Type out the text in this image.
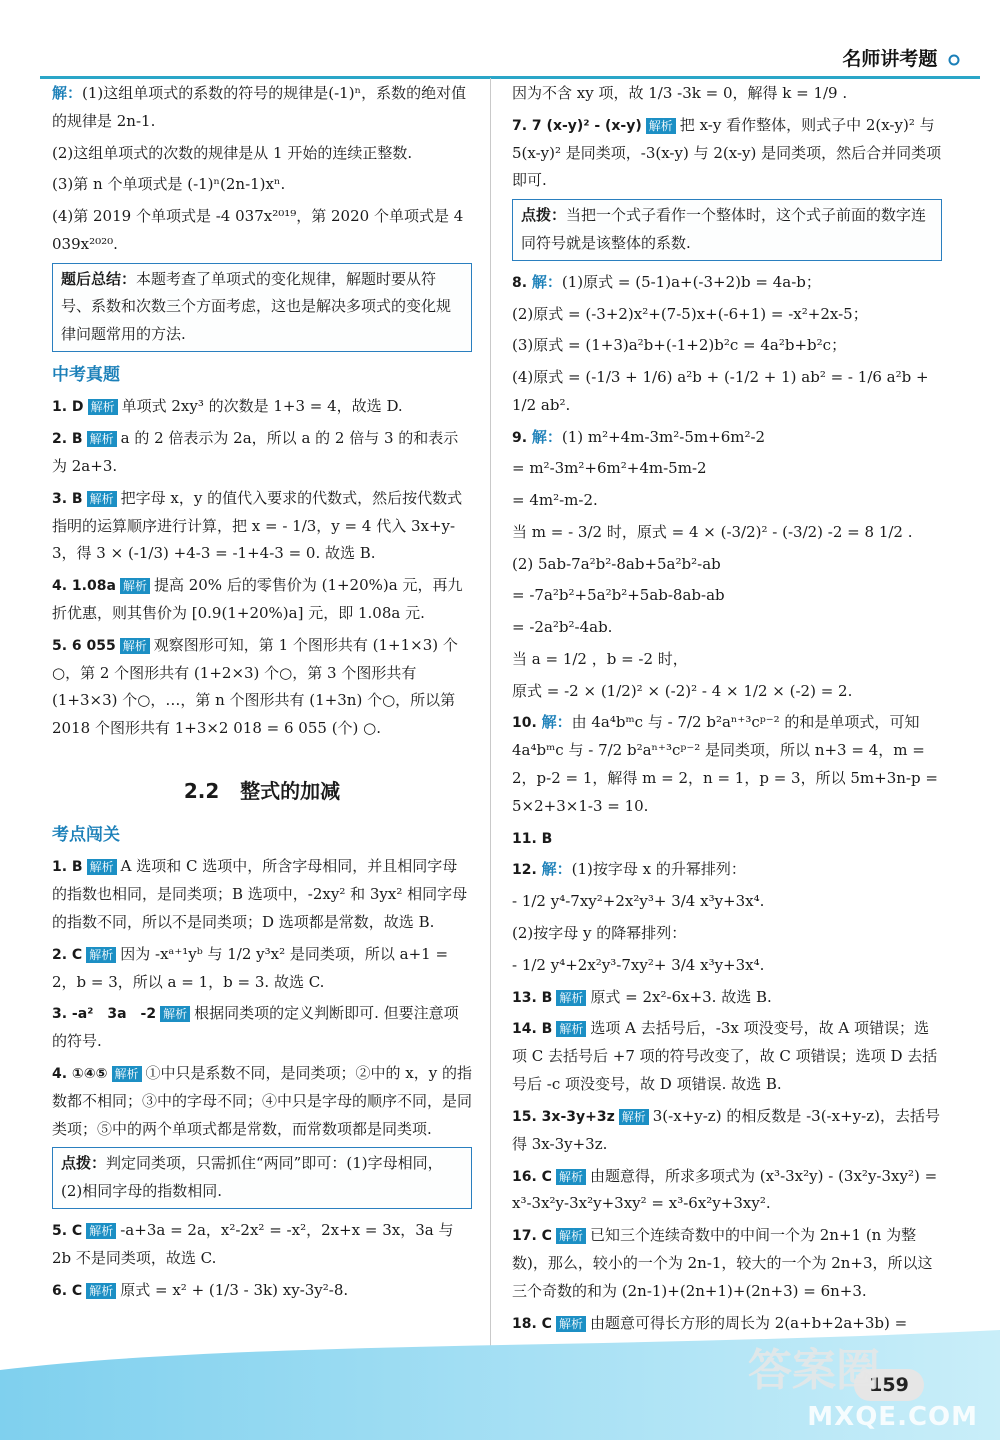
名师讲考题
解：(1)这组单项式的系数的符号的规律是(-1)ⁿ，系数的绝对值的规律是 2n-1.
(2)这组单项式的次数的规律是从 1 开始的连续正整数.
(3)第 n 个单项式是 (-1)ⁿ(2n-1)xⁿ.
(4)第 2019 个单项式是 -4 037x²⁰¹⁹，第 2020 个单项式是 4 039x²⁰²⁰.
题后总结：本题考查了单项式的变化规律，解题时要从符号、系数和次数三个方面考虑，这也是解决多项式的变化规律问题常用的方法.
中考真题
1. D 解析 单项式 2xy³ 的次数是 1+3 = 4，故选 D.
2. B 解析 a 的 2 倍表示为 2a，所以 a 的 2 倍与 3 的和表示为 2a+3.
3. B 解析 把字母 x，y 的值代入要求的代数式，然后按代数式指明的运算顺序进行计算，把 x = - 1/3，y = 4 代入 3x+y-3，得 3 × (-1/3) +4-3 = -1+4-3 = 0. 故选 B.
4. 1.08a 解析 提高 20% 后的零售价为 (1+20%)a 元，再九折优惠，则其售价为 [0.9(1+20%)a] 元，即 1.08a 元.
5. 6 055 解析 观察图形可知，第 1 个图形共有 (1+1×3) 个○，第 2 个图形共有 (1+2×3) 个○，第 3 个图形共有 (1+3×3) 个○，…，第 n 个图形共有 (1+3n) 个○，所以第 2018 个图形共有 1+3×2 018 = 6 055 (个) ○.
2.2 整式的加减
考点闯关
1. B 解析 A 选项和 C 选项中，所含字母相同，并且相同字母的指数也相同，是同类项；B 选项中，-2xy² 和 3yx² 相同字母的指数不同，所以不是同类项；D 选项都是常数，故选 B.
2. C 解析 因为 -xᵃ⁺¹yᵇ 与 1/2 y³x² 是同类项，所以 a+1 = 2，b = 3，所以 a = 1，b = 3. 故选 C.
3. -a²　3a　-2 解析 根据同类项的定义判断即可. 但要注意项的符号.
4. ①④⑤ 解析 ①中只是系数不同，是同类项；②中的 x，y 的指数都不相同；③中的字母不同；④中只是字母的顺序不同，是同类项；⑤中的两个单项式都是常数，而常数项都是同类项.
点拨：判定同类项，只需抓住“两同”即可：(1)字母相同，(2)相同字母的指数相同.
5. C 解析 -a+3a = 2a，x²-2x² = -x²，2x+x = 3x，3a 与 2b 不是同类项，故选 C.
6. C 解析 原式 = x² + (1/3 - 3k) xy-3y²-8.
因为不含 xy 项，故 1/3 -3k = 0，解得 k = 1/9 .
7. 7 (x-y)² - (x-y) 解析 把 x-y 看作整体，则式子中 2(x-y)² 与 5(x-y)² 是同类项，-3(x-y) 与 2(x-y) 是同类项，然后合并同类项即可.
点拨：当把一个式子看作一个整体时，这个式子前面的数字连同符号就是该整体的系数.
8. 解：(1)原式 = (5-1)a+(-3+2)b = 4a-b；
(2)原式 = (-3+2)x²+(7-5)x+(-6+1) = -x²+2x-5；
(3)原式 = (1+3)a²b+(-1+2)b²c = 4a²b+b²c；
(4)原式 = (-1/3 + 1/6) a²b + (-1/2 + 1) ab² = - 1/6 a²b + 1/2 ab².
9. 解：(1) m²+4m-3m²-5m+6m²-2
= m²-3m²+6m²+4m-5m-2
= 4m²-m-2.
当 m = - 3/2 时，原式 = 4 × (-3/2)² - (-3/2) -2 = 8 1/2 .
(2) 5ab-7a²b²-8ab+5a²b²-ab
= -7a²b²+5a²b²+5ab-8ab-ab
= -2a²b²-4ab.
当 a = 1/2 ，b = -2 时，
原式 = -2 × (1/2)² × (-2)² - 4 × 1/2 × (-2) = 2.
10. 解：由 4a⁴bᵐc 与 - 7/2 b²aⁿ⁺³cᵖ⁻² 的和是单项式，可知 4a⁴bᵐc 与 - 7/2 b²aⁿ⁺³cᵖ⁻² 是同类项，所以 n+3 = 4，m = 2，p-2 = 1，解得 m = 2，n = 1，p = 3，所以 5m+3n-p = 5×2+3×1-3 = 10.
11. B
12. 解：(1)按字母 x 的升幂排列：
- 1/2 y⁴-7xy²+2x²y³+ 3/4 x³y+3x⁴.
(2)按字母 y 的降幂排列：
- 1/2 y⁴+2x²y³-7xy²+ 3/4 x³y+3x⁴.
13. B 解析 原式 = 2x²-6x+3. 故选 B.
14. B 解析 选项 A 去括号后，-3x 项没变号，故 A 项错误；选项 C 去括号后 +7 项的符号改变了，故 C 项错误；选项 D 去括号后 -c 项没变号，故 D 项错误. 故选 B.
15. 3x-3y+3z 解析 3(-x+y-z) 的相反数是 -3(-x+y-z)，去括号得 3x-3y+3z.
16. C 解析 由题意得，所求多项式为 (x³-3x²y) - (3x²y-3xy²) = x³-3x²y-3x²y+3xy² = x³-6x²y+3xy².
17. C 解析 已知三个连续奇数中的中间一个为 2n+1 (n 为整数)，那么，较小的一个为 2n-1，较大的一个为 2n+3，所以这三个奇数的和为 (2n-1)+(2n+1)+(2n+3) = 6n+3.
18. C 解析 由题意可得长方形的周长为 2(a+b+2a+3b) =
159
答案圈
MXQE.COM
